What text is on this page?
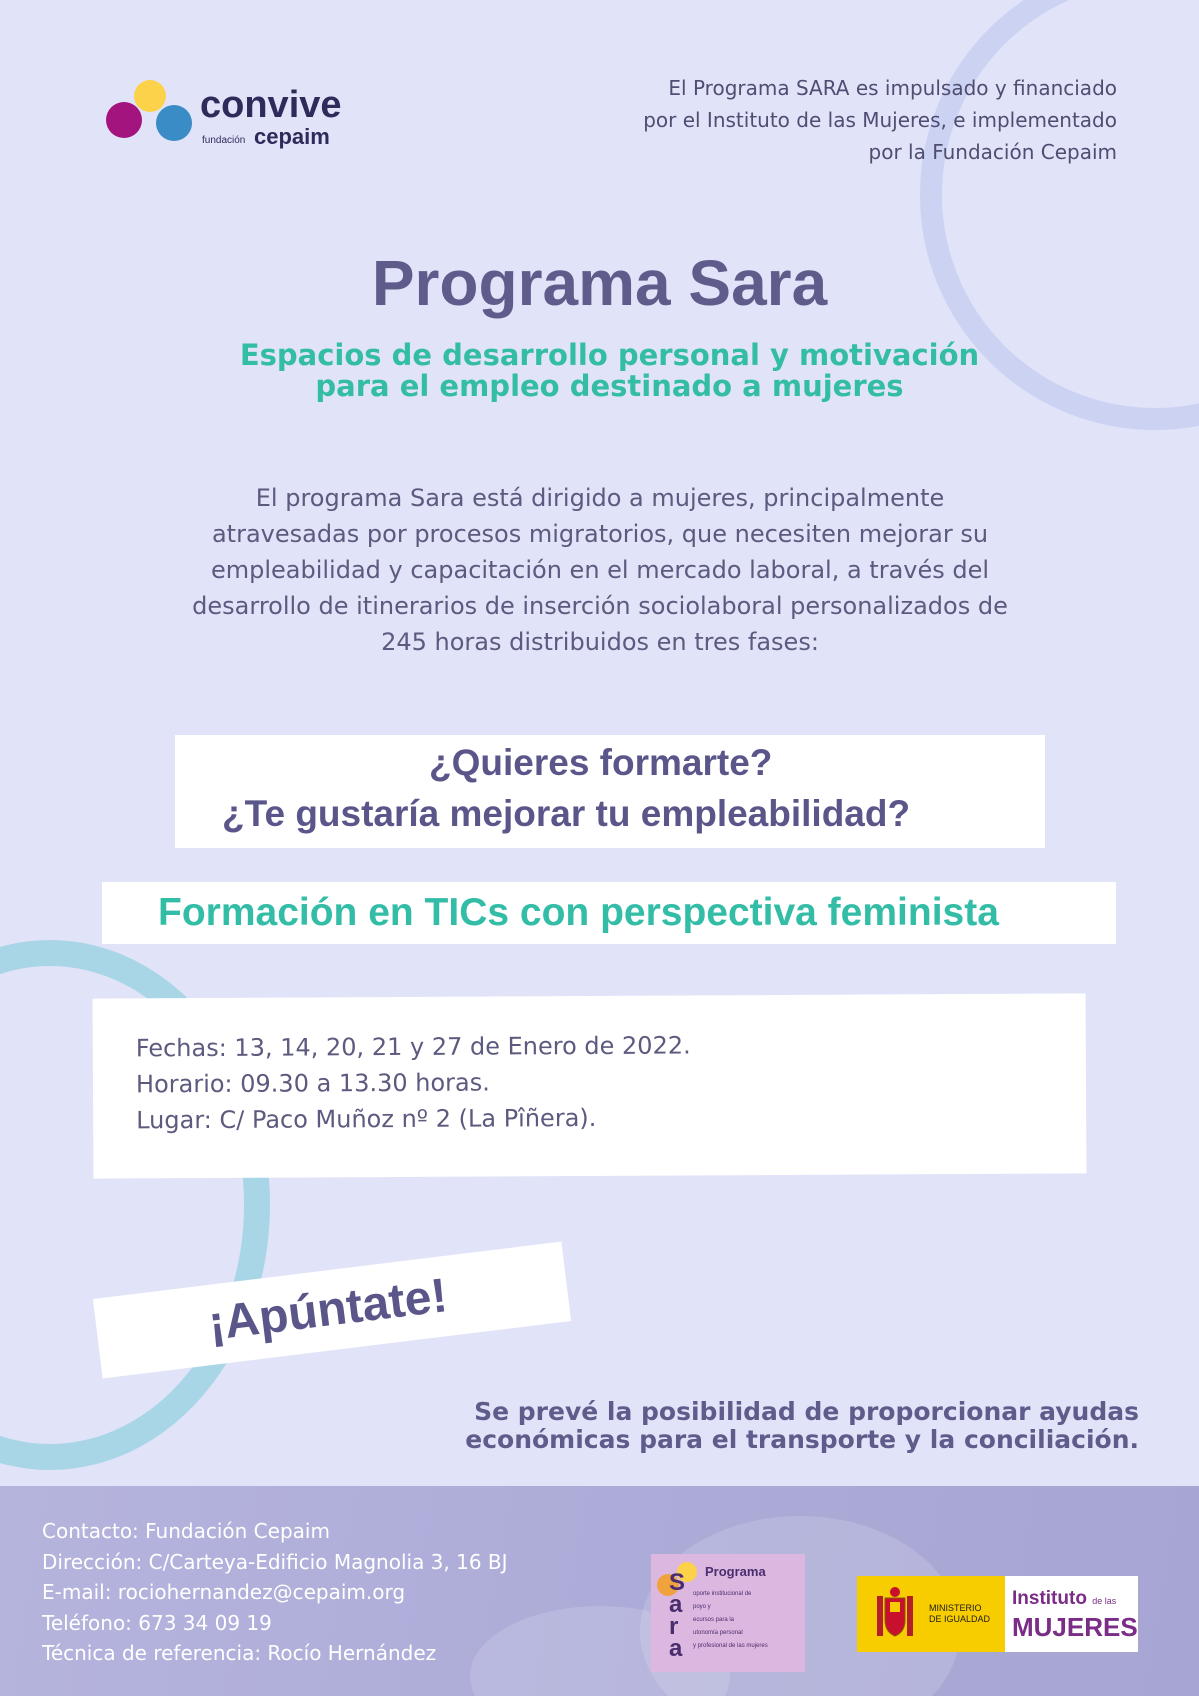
convive
fundación cepaim
El Programa SARA es impulsado y financiado
por el Instituto de las Mujeres, e implementado
por la Fundación Cepaim
Programa Sara
Espacios de desarrollo personal y motivación
para el empleo destinado a mujeres
El programa Sara está dirigido a mujeres, principalmente
atravesadas por procesos migratorios, que necesiten mejorar su
empleabilidad y capacitación en el mercado laboral, a través del
desarrollo de itinerarios de inserción sociolaboral personalizados de
245 horas distribuidos en tres fases:
¿Quieres formarte?
¿Te gustaría mejorar tu empleabilidad?
Formación en TICs con perspectiva feminista
Fechas: 13, 14, 20, 21 y 27 de Enero de 2022.
Horario: 09.30 a 13.30 horas.
Lugar: C/ Paco Muñoz nº 2 (La Pîñera).
¡Apúntate!
Se prevé la posibilidad de proporcionar ayudas
económicas para el transporte y la conciliación.
Contacto: Fundación Cepaim
Dirección: C/Carteya-Edificio Magnolia 3, 16 BJ
E-mail: rociohernandez@cepaim.org
Teléfono: 673 34 09 19
Técnica de referencia: Rocío Hernández
Programa
S
a
r
a
oporte institucional de
poyo y
ecursos para la
utonomía personal
y profesional de las mujeres
MINISTERIO
DE IGUALDAD
Instituto de las
MUJERES
